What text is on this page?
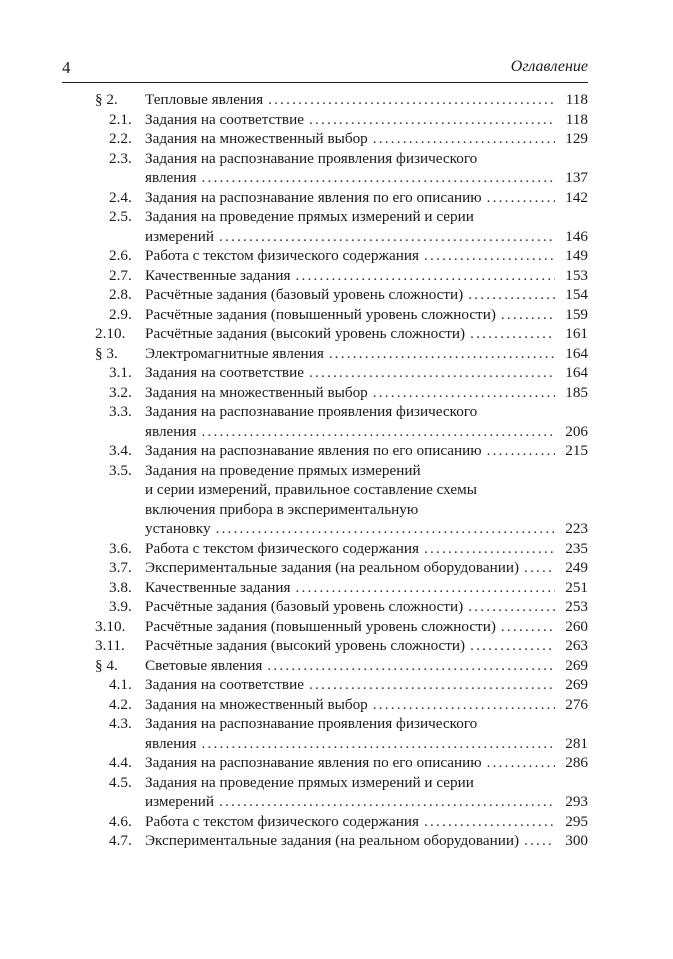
4	Оглавление
§ 2. Тепловые явления .....	118
2.1. Задания на соответствие .....	118
2.2. Задания на множественный выбор .....	129
2.3. Задания на распознавание проявления физического
явления .....	137
2.4. Задания на распознавание явления по его описанию .....	142
2.5. Задания на проведение прямых измерений и серии
измерений .....	146
2.6. Работа с текстом физического содержания .....	149
2.7. Качественные задания .....	153
2.8. Расчётные задания (базовый уровень сложности) .....	154
2.9. Расчётные задания (повышенный уровень сложности) .....	159
2.10. Расчётные задания (высокий уровень сложности) .....	161
§ 3. Электромагнитные явления .....	164
3.1. Задания на соответствие .....	164
3.2. Задания на множественный выбор .....	185
3.3. Задания на распознавание проявления физического
явления .....	206
3.4. Задания на распознавание явления по его описанию .....	215
3.5. Задания на проведение прямых измерений
и серии измерений, правильное составление схемы
включения прибора в экспериментальную
установку .....	223
3.6. Работа с текстом физического содержания .....	235
3.7. Экспериментальные задания (на реальном оборудовании) .....	249
3.8. Качественные задания .....	251
3.9. Расчётные задания (базовый уровень сложности) .....	253
3.10. Расчётные задания (повышенный уровень сложности) .....	260
3.11. Расчётные задания (высокий уровень сложности) .....	263
§ 4. Световые явления .....	269
4.1. Задания на соответствие .....	269
4.2. Задания на множественный выбор .....	276
4.3. Задания на распознавание проявления физического
явления .....	281
4.4. Задания на распознавание явления по его описанию .....	286
4.5. Задания на проведение прямых измерений и серии
измерений .....	293
4.6. Работа с текстом физического содержания .....	295
4.7. Экспериментальные задания (на реальном оборудовании) .....	300
